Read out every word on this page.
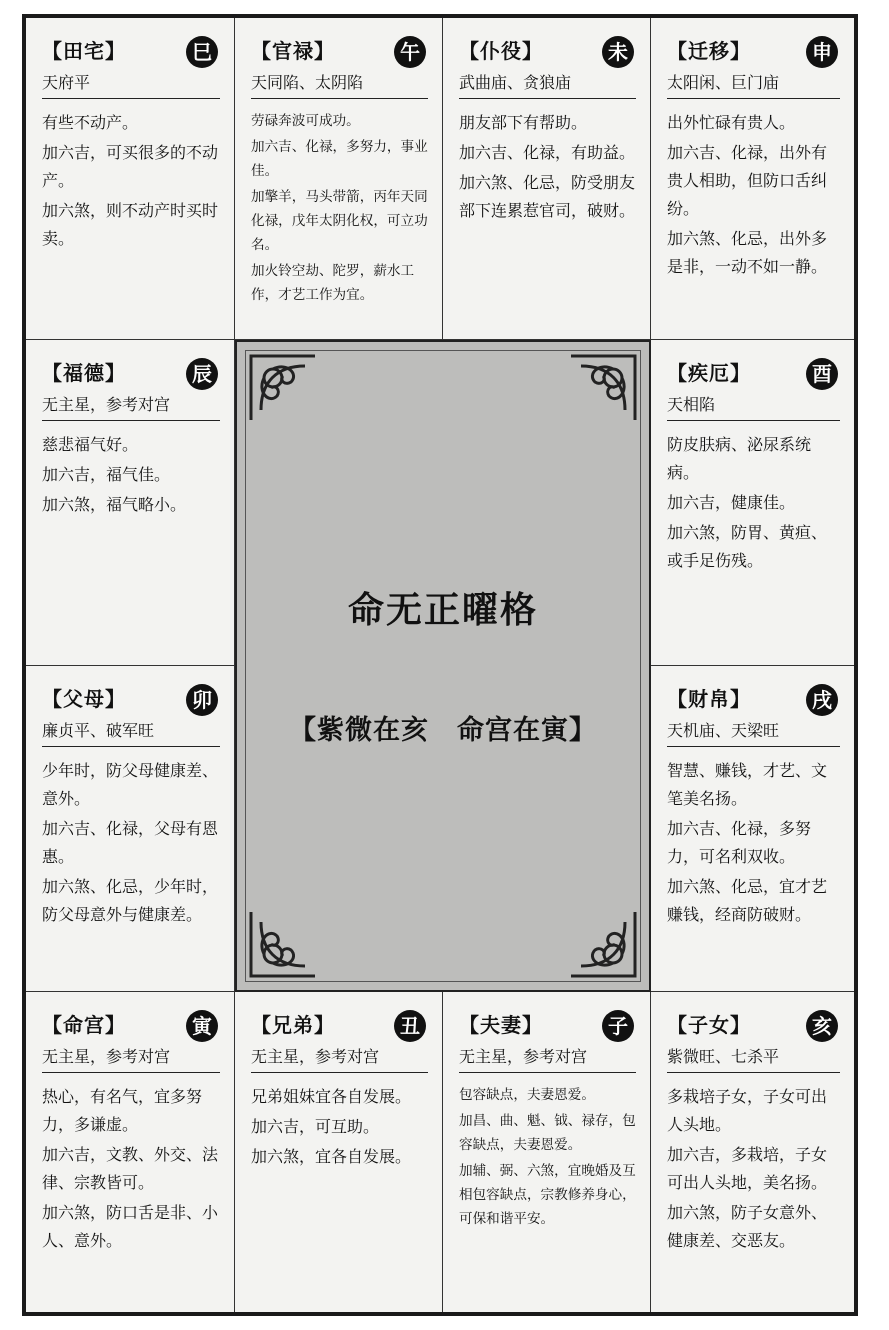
【田宅】	巳
天府平

有些不动产。

加六吉，可买很多的不动产。

加六煞，则不动产时买时卖。

【官禄】	午
天同陷、太阴陷

劳碌奔波可成功。

加六吉、化禄，多努力，事业佳。

加擎羊，马头带箭，丙年天同化禄，戊年太阴化权，可立功名。

加火铃空劫、陀罗，薪水工作，才艺工作为宜。

【仆役】	未
武曲庙、贪狼庙

朋友部下有帮助。

加六吉、化禄，有助益。

加六煞、化忌，防受朋友部下连累惹官司，破财。

【迁移】	申
太阳闲、巨门庙

出外忙碌有贵人。

加六吉、化禄，出外有贵人相助，但防口舌纠纷。

加六煞、化忌，出外多是非，一动不如一静。

【福德】	辰
无主星，参考对宫

慈悲福气好。

加六吉，福气佳。

加六煞，福气略小。

【父母】	卯
廉贞平、破军旺

少年时，防父母健康差、意外。

加六吉、化禄，父母有恩惠。

加六煞、化忌，少年时，防父母意外与健康差。

【疾厄】	酉
天相陷

防皮肤病、泌尿系统病。

加六吉，健康佳。

加六煞，防胃、黄疸、或手足伤残。

【财帛】	戌
天机庙、天梁旺

智慧、赚钱，才艺、文笔美名扬。

加六吉、化禄，多努力，可名利双收。

加六煞、化忌，宜才艺赚钱，经商防破财。

命无正曜格
【紫微在亥　命宫在寅】
【命宫】	寅
无主星，参考对宫

热心，有名气，宜多努力，多谦虚。

加六吉，文教、外交、法律、宗教皆可。

加六煞，防口舌是非、小人、意外。

【兄弟】	丑
无主星，参考对宫

兄弟姐妹宜各自发展。

加六吉，可互助。

加六煞，宜各自发展。

【夫妻】	子
无主星，参考对宫

包容缺点，夫妻恩爱。

加昌、曲、魁、钺、禄存，包容缺点，夫妻恩爱。

加辅、弼、六煞，宜晚婚及互相包容缺点，宗教修养身心，可保和谐平安。

【子女】	亥
紫微旺、七杀平

多栽培子女，子女可出人头地。

加六吉，多栽培，子女可出人头地，美名扬。

加六煞，防子女意外、健康差、交恶友。
